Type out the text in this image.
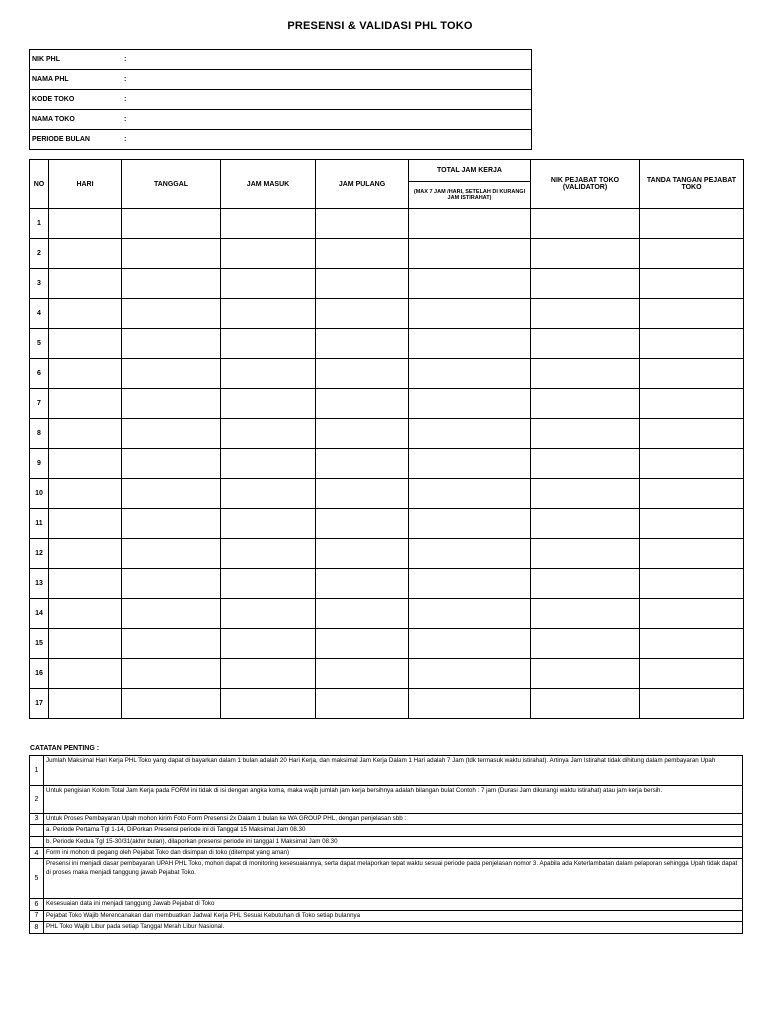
PRESENSI & VALIDASI PHL TOKO
NIK PHL	:
NAMA PHL	:
KODE TOKO	:
NAMA TOKO	:
PERIODE BULAN	:
NO	HARI	TANGGAL	JAM MASUK	JAM PULANG	TOTAL JAM KERJA	NIK PEJABAT TOKO (VALIDATOR)	TANDA TANGAN PEJABAT TOKO
					(MAX 7 JAM /HARI, SETELAH DI KURANGI JAM ISTIRAHAT)		
1							
2							
3							
4							
5							
6							
7							
8							
9							
10							
11							
12							
13							
14							
15							
16							
17							
CATATAN PENTING :
1	Jumlah Maksimal Hari Kerja PHL Toko yang dapat di bayarkan dalam 1 bulan adalah 20 Hari Kerja, dan maksimal Jam Kerja Dalam 1 Hari adalah 7 Jam (tdk termasuk waktu istirahat). Artinya Jam Istirahat tidak dihitung dalam pembayaran Upah
2	Untuk pengisian Kolom Total Jam Kerja pada FORM ini tidak di isi dengan angka koma, maka wajib jumlah jam kerja bersihnya adalah bilangan bulat Contoh : 7 jam (Durasi Jam dikurangi waktu istirahat) atau jam kerja bersih.
3	Untuk Proses Pembayaran Upah mohon kirim Foto Form Presensi 2x Dalam 1 bulan ke WA GROUP PHL, dengan penjelasan sbb :
	a. Periode Pertama Tgl 1-14, DiPorkan Presensi periode ini di Tanggal 15 Maksimal Jam 08.30
	b. Periode Kedua Tgl 15-30/31(akhir bulan), dilaporkan presensi periode ini tanggal 1 Maksimal Jam 08.30
4	Form ini mohon di pegang oleh Pejabat Toko dan disimpan di toko (ditempat yang aman)
5	Presensi ini menjadi dasar pembayaran UPAH PHL Toko, mohon dapat di monitoring kesesuaiannya, serta dapat melaporkan tepat waktu sesuai periode pada penjelasan nomor 3. Apabila ada Keterlambatan dalam pelaporan sehingga Upah tidak dapat di proses maka menjadi tanggung jawab Pejabat Toko.
6	Kesesuaian data ini menjadi tanggung Jawab Pejabat di Toko
7	Pejabat Toko Wajib Merencanakan dan membuatkan Jadwal Kerja PHL Sesuai Kebutuhan di Toko setiap bulannya
8	PHL Toko Wajib Libur pada setiap Tanggal Merah Libur Nasional.
